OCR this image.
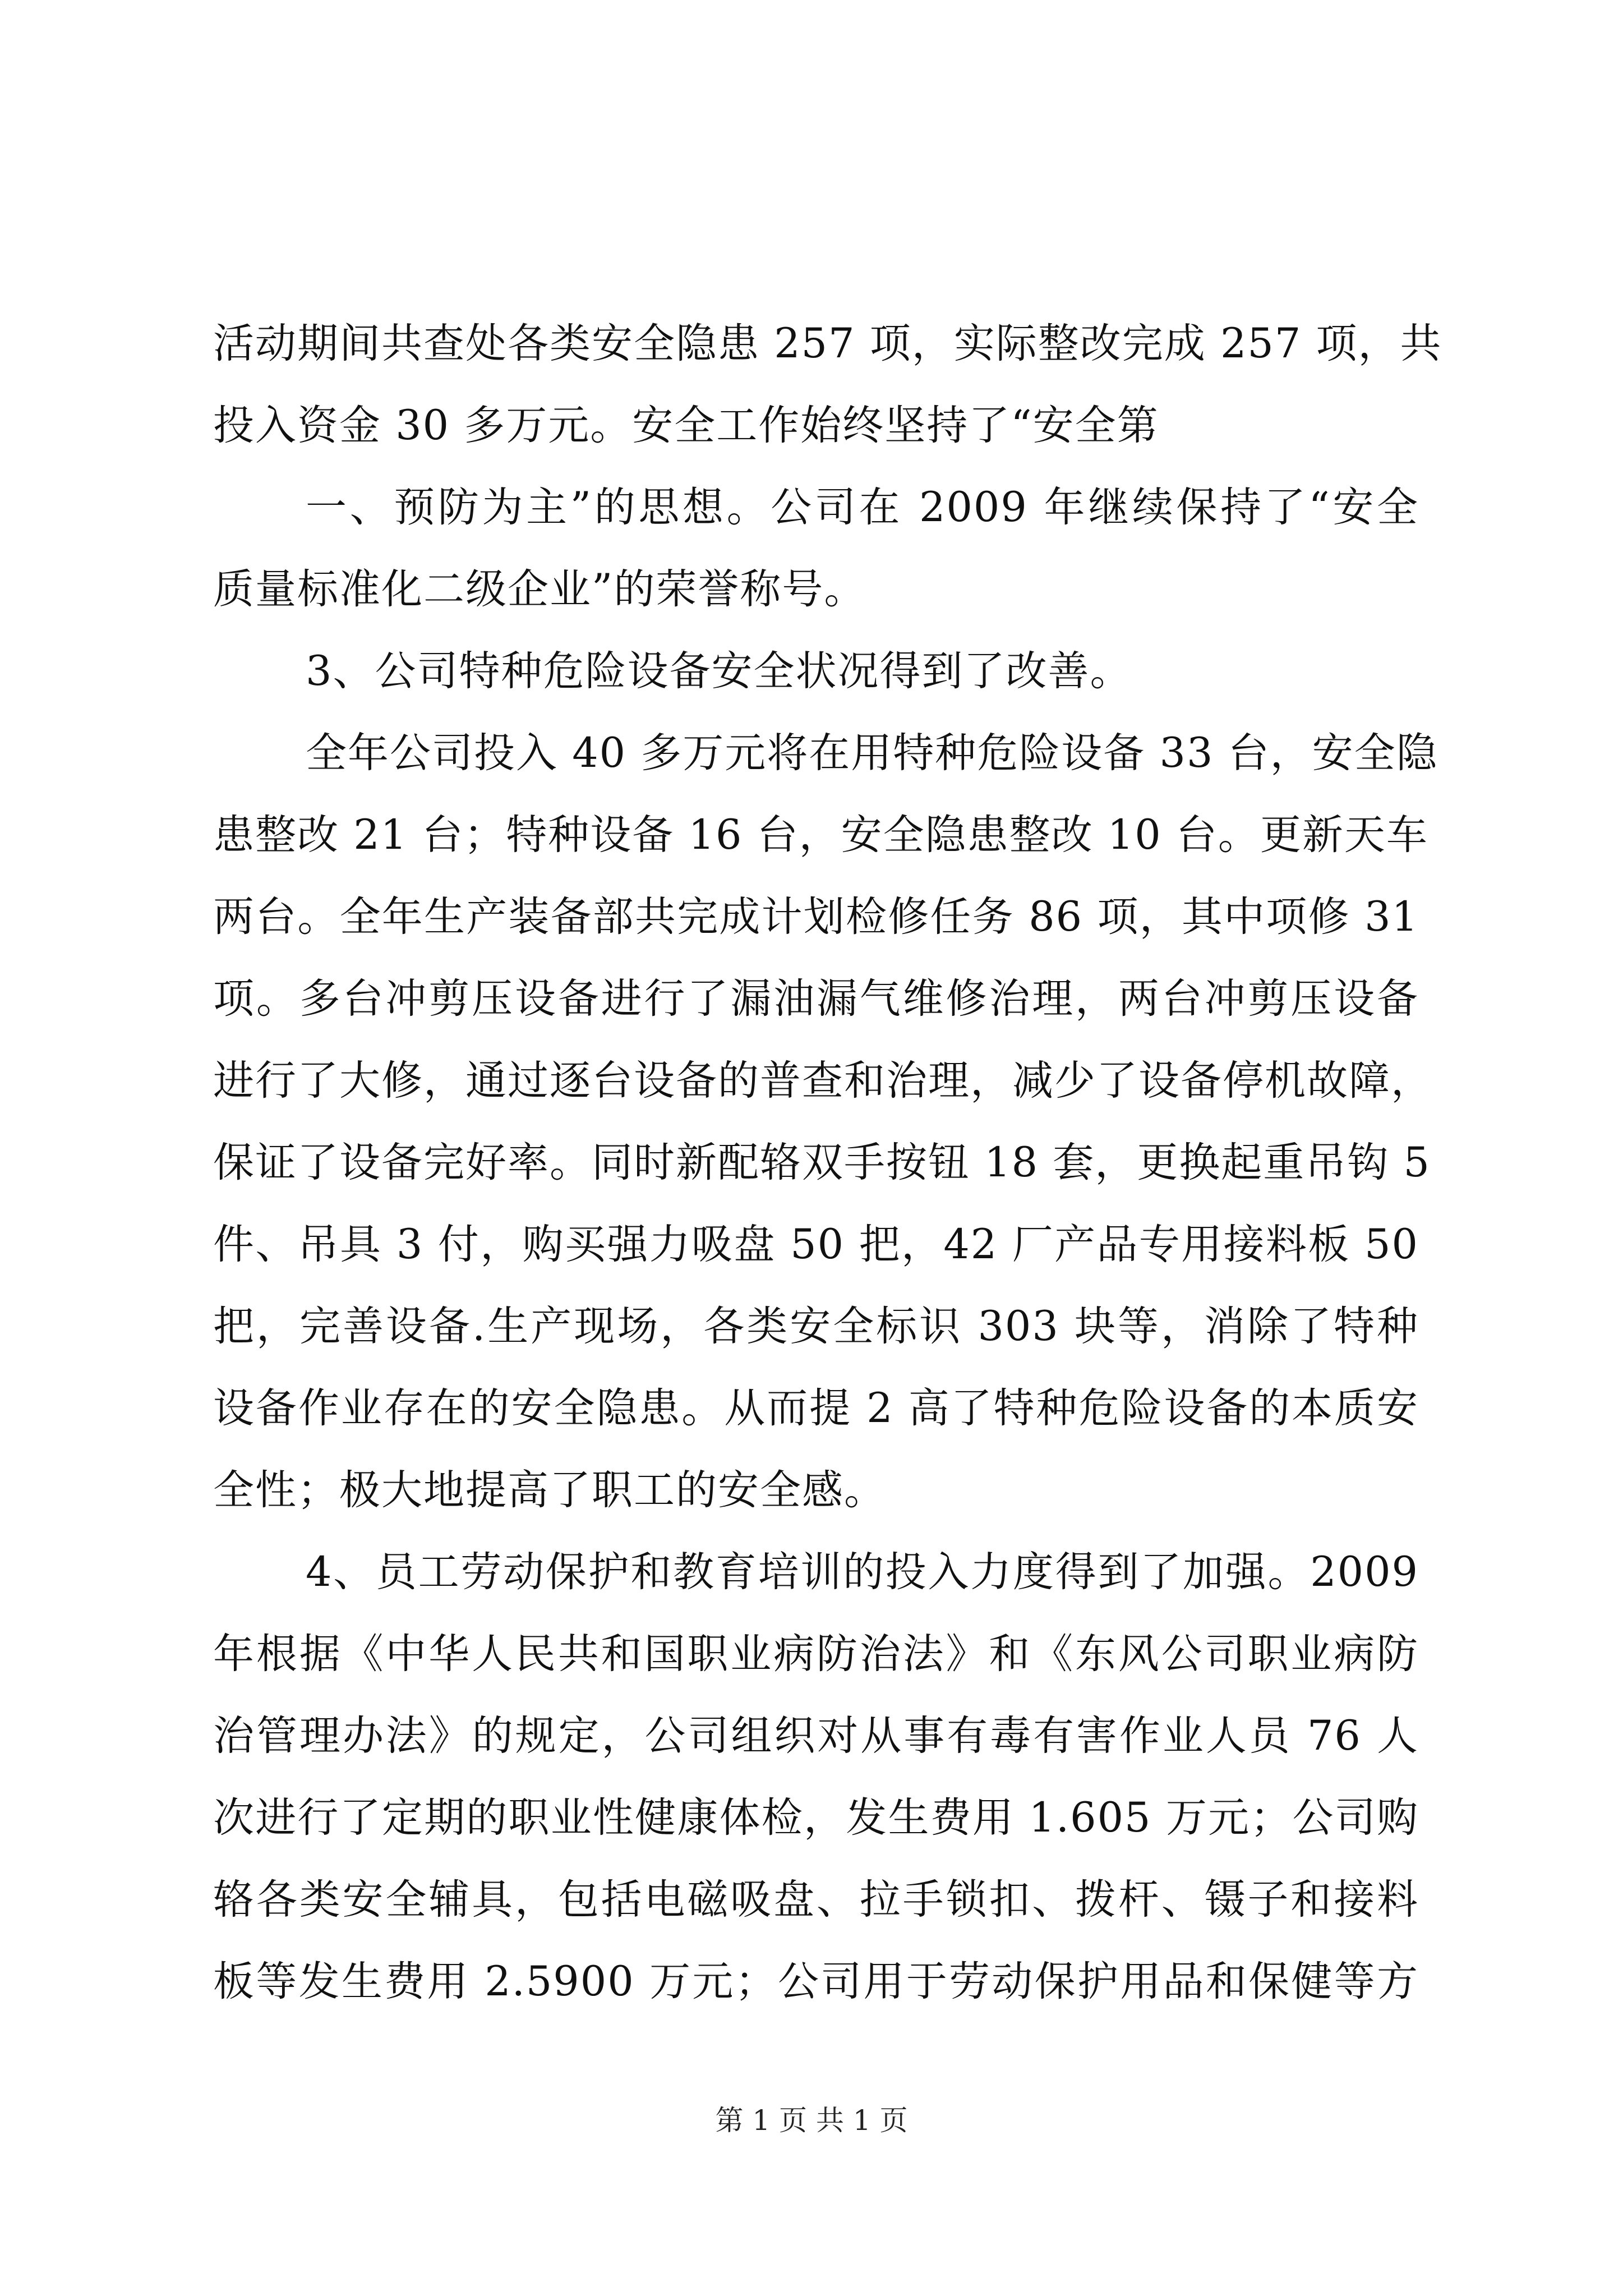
活动期间共查处各类安全隐患 257 项，实际整改完成 257 项，共
投入资金 30 多万元。安全工作始终坚持了“安全第
一、预防为主”的思想。公司在 2009 年继续保持了“安全
质量标准化二级企业”的荣誉称号。
3、公司特种危险设备安全状况得到了改善。
全年公司投入 40 多万元将在用特种危险设备 33 台，安全隐
患整改 21 台；特种设备 16 台，安全隐患整改 10 台。更新天车
两台。全年生产装备部共完成计划检修任务 86 项，其中项修 31
项。多台冲剪压设备进行了漏油漏气维修治理，两台冲剪压设备
进行了大修，通过逐台设备的普查和治理，减少了设备停机故障，
保证了设备完好率。同时新配辂双手按钮 18 套，更换起重吊钩 5
件、吊具 3 付，购买强力吸盘 50 把，42 厂产品专用接料板 50
把，完善设备.生产现场，各类安全标识 303 块等，消除了特种
设备作业存在的安全隐患。从而提 2 高了特种危险设备的本质安
全性；极大地提高了职工的安全感。
4、员工劳动保护和教育培训的投入力度得到了加强。2009
年根据《中华人民共和国职业病防治法》和《东风公司职业病防
治管理办法》的规定，公司组织对从事有毒有害作业人员 76 人
次进行了定期的职业性健康体检，发生费用 1.605 万元；公司购
辂各类安全辅具，包括电磁吸盘、拉手锁扣、拨杆、镊子和接料
板等发生费用 2.5900 万元；公司用于劳动保护用品和保健等方
第 1 页 共 1 页
